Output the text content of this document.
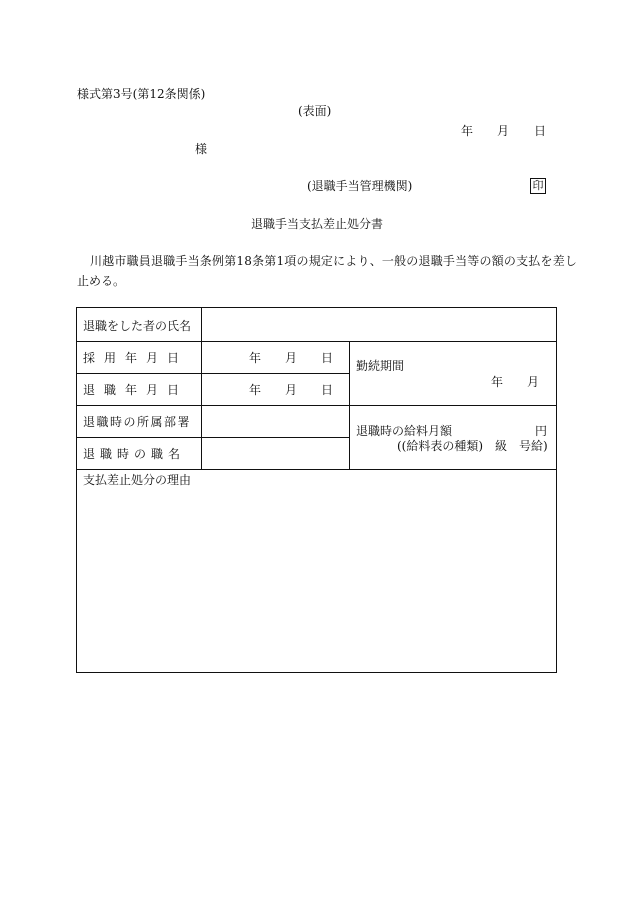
様式第3号(第12条関係)
(表面)
年 月 日
様
(退職手当管理機関)	印
退職手当支払差止処分書
川越市職員退職手当条例第18条第1項の規定により、一般の退職手当等の額の支払を差し
止める。
退職をした者の氏名
採用年月日
退職年月日
退職時の所属部署
退職時の職名
年 月 日
年 月 日
勤続期間
年 月
退職時の給料月額	円
((給料表の種類)　級　号給)
支払差止処分の理由
